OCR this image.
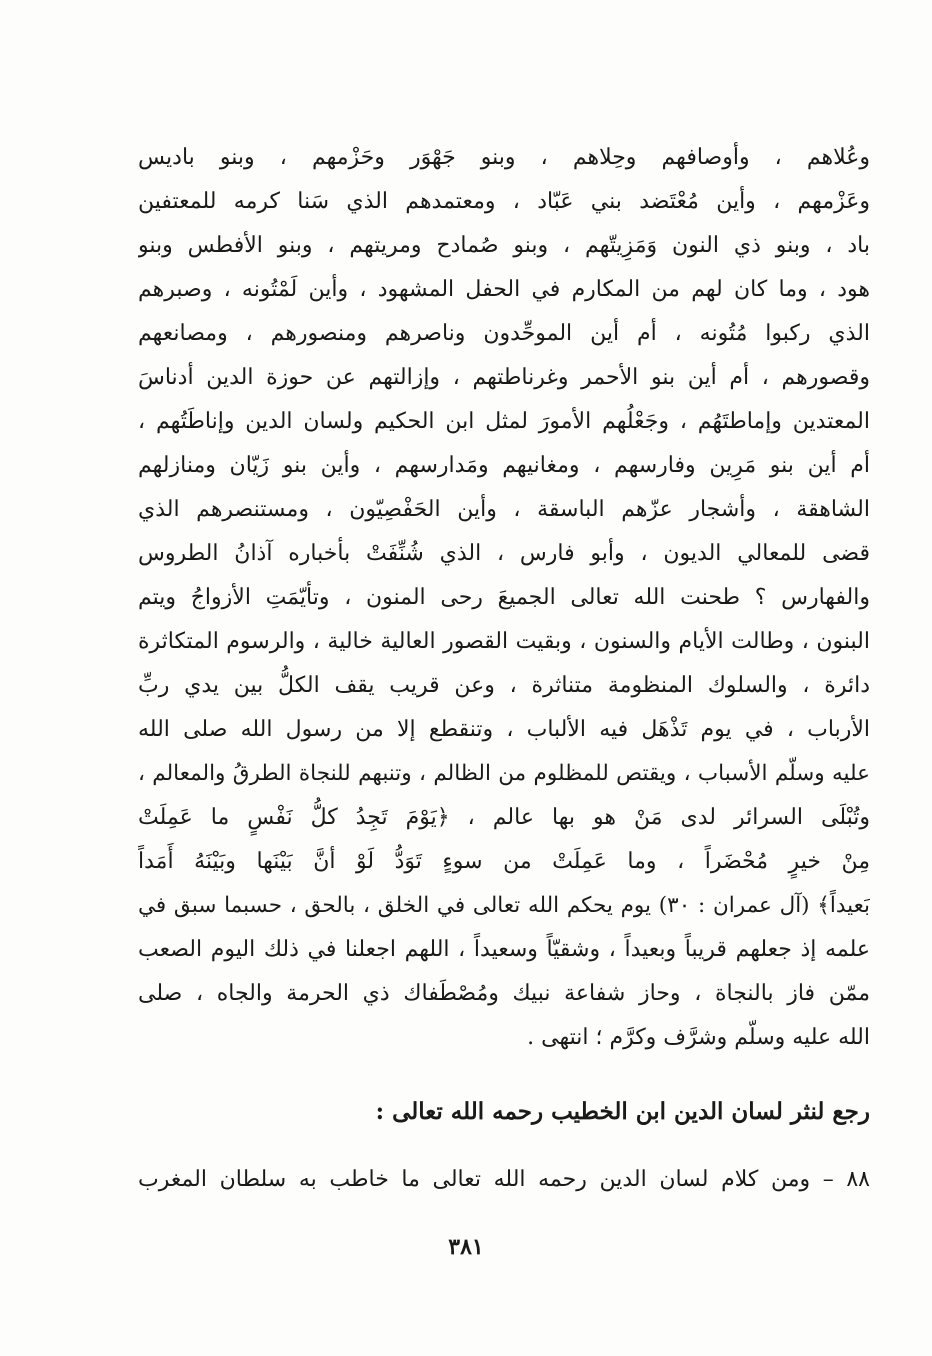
وعُلاهم ، وأوصافهم وحِلاهم ، وبنو جَهْوَر وحَزْمهم ، وبنو باديس
وعَزْمهم ، وأين مُعْتَضد بني عَبّاد ، ومعتمدهم الذي سَنا كرمه للمعتفين
باد ، وبنو ذي النون وَمَزِيتّهم ، وبنو صُمادح ومريتهم ، وبنو الأفطس وبنو
هود ، وما كان لهم من المكارم في الحفل المشهود ، وأين لَمْتُونه ، وصبرهم
الذي ركبوا مُتُونه ، أم أين الموحِّدون وناصرهم ومنصورهم ، ومصانعهم
وقصورهم ، أم أين بنو الأحمر وغرناطتهم ، وإزالتهم عن حوزة الدين أدناسَ
المعتدين وإماطتَهُم ، وجَعْلُهم الأمورَ لمثل ابن الحكيم ولسان الدين وإناطَتُهم ،
أم أين بنو مَرِين وفارسهم ، ومغانيهم ومَدارسهم ، وأين بنو زَيّان ومنازلهم
الشاهقة ، وأشجار عزّهم الباسقة ، وأين الحَفْصِيّون ، ومستنصرهم الذي
قضى للمعالي الديون ، وأبو فارس ، الذي شُنِّفَتْ بأخباره آذانُ الطروس
والفهارس ؟ طحنت الله تعالى الجميعَ رحى المنون ، وتأيّمَتِ الأزواجُ ويتم
البنون ، وطالت الأيام والسنون ، وبقيت القصور العالية خالية ، والرسوم المتكاثرة
دائرة ، والسلوك المنظومة متناثرة ، وعن قريب يقف الكلُّ بين يدي ربِّ
الأرباب ، في يوم تَذْهَل فيه الألباب ، وتنقطع إلا من رسول الله صلى الله
عليه وسلّم الأسباب ، ويقتص للمظلوم من الظالم ، وتنبهم للنجاة الطرقُ والمعالم ،
وتُبْلَى السرائر لدى مَنْ هو بها عالم ، ﴿يَوْمَ تَجِدُ كلُّ نَفْسٍ ما عَمِلَتْ
مِنْ خيرٍ مُحْضَراً ، وما عَمِلَتْ من سوءٍ تَوَدُّ لَوْ أنَّ بَيْنَها وبَيْنَهُ أَمَداً
بَعيداً﴾ (آل عمران : ٣٠) يوم يحكم الله تعالى في الخلق ، بالحق ، حسبما سبق في
علمه إذ جعلهم قريباً وبعيداً ، وشقيّاً وسعيداً ، اللهم اجعلنا في ذلك اليوم الصعب
ممّن فاز بالنجاة ، وحاز شفاعة نبيك ومُصْطَفاك ذي الحرمة والجاه ، صلى
الله عليه وسلّم وشرَّف وكرَّم ؛ انتهى .
رجع لنثر لسان الدين ابن الخطيب رحمه الله تعالى :
٨٨ – ومن كلام لسان الدين رحمه الله تعالى ما خاطب به سلطان المغرب
٣٨١
